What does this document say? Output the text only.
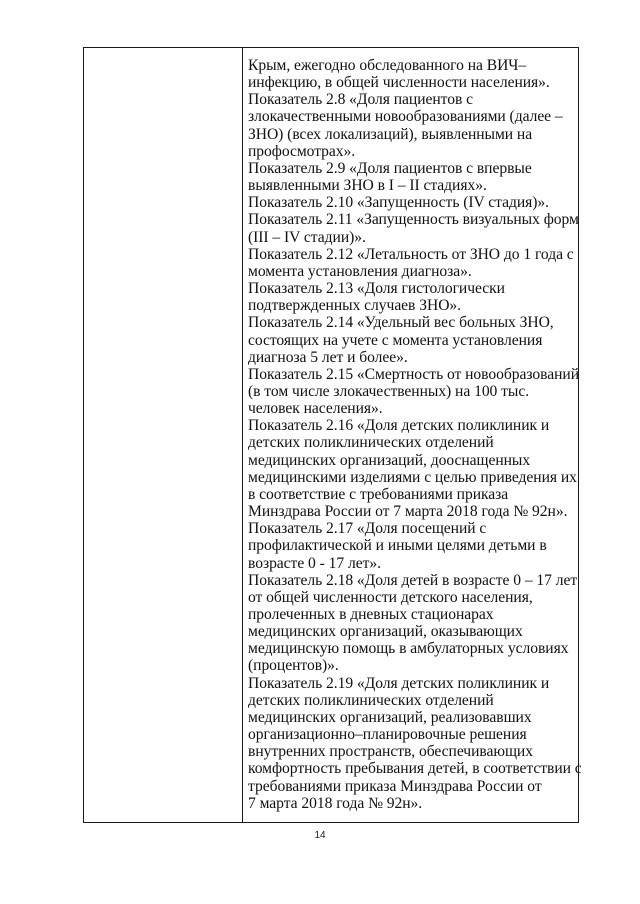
Крым, ежегодно обследованного на ВИЧ–
инфекцию, в общей численности населения».
Показатель 2.8 «Доля пациентов с
злокачественными новообразованиями (далее –
ЗНО) (всех локализаций), выявленными на
профосмотрах».
Показатель 2.9 «Доля пациентов с впервые
выявленными ЗНО в I – II стадиях».
Показатель 2.10 «Запущенность (IV стадия)».
Показатель 2.11 «Запущенность визуальных форм
(III – IV стадии)».
Показатель 2.12 «Летальность от ЗНО до 1 года с
момента установления диагноза».
Показатель 2.13 «Доля гистологически
подтвержденных случаев ЗНО».
Показатель 2.14 «Удельный вес больных ЗНО,
состоящих на учете с момента установления
диагноза 5 лет и более».
Показатель 2.15 «Смертность от новообразований
(в том числе злокачественных) на 100 тыс.
человек населения».
Показатель 2.16 «Доля детских поликлиник и
детских поликлинических отделений
медицинских организаций, дооснащенных
медицинскими изделиями с целью приведения их
в соответствие с требованиями приказа
Минздрава России от 7 марта 2018 года № 92н».
Показатель 2.17 «Доля посещений с
профилактической и иными целями детьми в
возрасте 0 - 17 лет».
Показатель 2.18 «Доля детей в возрасте 0 – 17 лет
от общей численности детского населения,
пролеченных в дневных стационарах
медицинских организаций, оказывающих
медицинскую помощь в амбулаторных условиях
(процентов)».
Показатель 2.19 «Доля детских поликлиник и
детских поликлинических отделений
медицинских организаций, реализовавших
организационно–планировочные решения
внутренних пространств, обеспечивающих
комфортность пребывания детей, в соответствии с
требованиями приказа Минздрава России от
7 марта 2018 года № 92н».
14
